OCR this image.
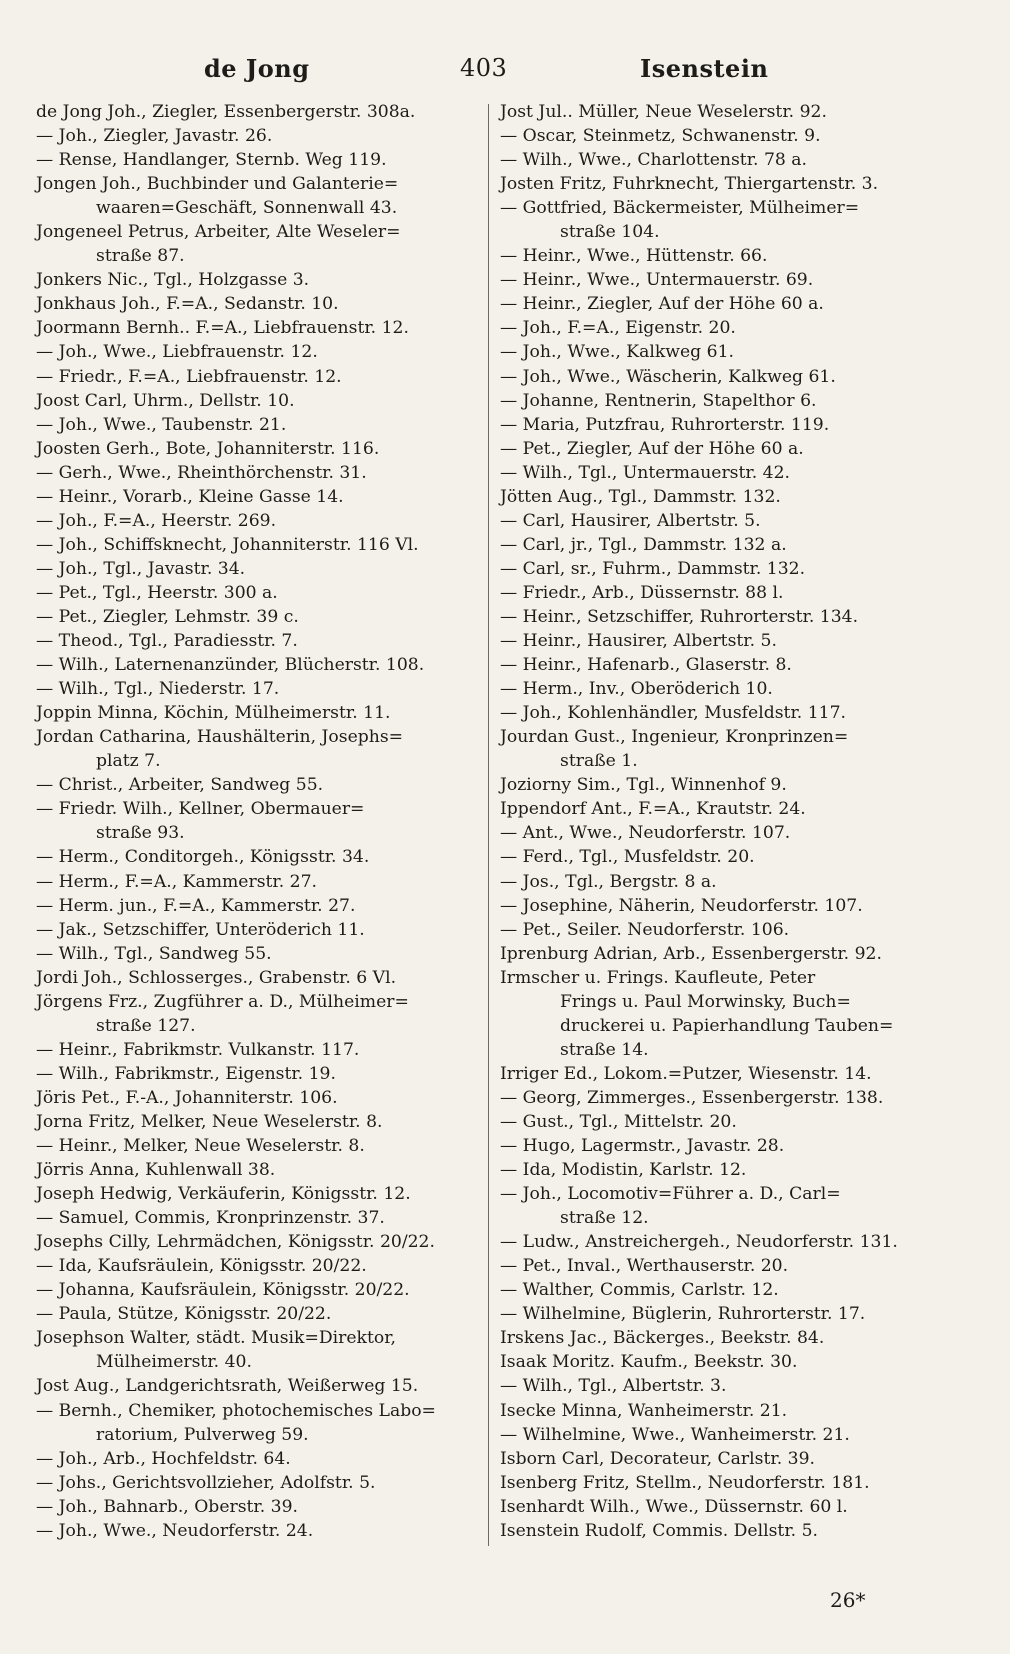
de Jong	403	Isenstein
de Jong Joh., Ziegler, Essenbergerstr. 308a.
— Joh., Ziegler, Javastr. 26.
— Rense, Handlanger, Sternb. Weg 119.
Jongen Joh., Buchbinder und Galanterie=
waaren=Geschäft, Sonnenwall 43.
Jongeneel Petrus, Arbeiter, Alte Weseler=
straße 87.
Jonkers Nic., Tgl., Holzgasse 3.
Jonkhaus Joh., F.=A., Sedanstr. 10.
Joormann Bernh.. F.=A., Liebfrauenstr. 12.
— Joh., Wwe., Liebfrauenstr. 12.
— Friedr., F.=A., Liebfrauenstr. 12.
Joost Carl, Uhrm., Dellstr. 10.
— Joh., Wwe., Taubenstr. 21.
Joosten Gerh., Bote, Johanniterstr. 116.
— Gerh., Wwe., Rheinthörchenstr. 31.
— Heinr., Vorarb., Kleine Gasse 14.
— Joh., F.=A., Heerstr. 269.
— Joh., Schiffsknecht, Johanniterstr. 116 Vl.
— Joh., Tgl., Javastr. 34.
— Pet., Tgl., Heerstr. 300 a.
— Pet., Ziegler, Lehmstr. 39 c.
— Theod., Tgl., Paradiesstr. 7.
— Wilh., Laternenanzünder, Blücherstr. 108.
— Wilh., Tgl., Niederstr. 17.
Joppin Minna, Köchin, Mülheimerstr. 11.
Jordan Catharina, Haushälterin, Josephs=
platz 7.
— Christ., Arbeiter, Sandweg 55.
— Friedr. Wilh., Kellner, Obermauer=
straße 93.
— Herm., Conditorgeh., Königsstr. 34.
— Herm., F.=A., Kammerstr. 27.
— Herm. jun., F.=A., Kammerstr. 27.
— Jak., Setzschiffer, Unteröderich 11.
— Wilh., Tgl., Sandweg 55.
Jordi Joh., Schlosserges., Grabenstr. 6 Vl.
Jörgens Frz., Zugführer a. D., Mülheimer=
straße 127.
— Heinr., Fabrikmstr. Vulkanstr. 117.
— Wilh., Fabrikmstr., Eigenstr. 19.
Jöris Pet., F.-A., Johanniterstr. 106.
Jorna Fritz, Melker, Neue Weselerstr. 8.
— Heinr., Melker, Neue Weselerstr. 8.
Jörris Anna, Kuhlenwall 38.
Joseph Hedwig, Verkäuferin, Königsstr. 12.
— Samuel, Commis, Kronprinzenstr. 37.
Josephs Cilly, Lehrmädchen, Königsstr. 20/22.
— Ida, Kaufsräulein, Königsstr. 20/22.
— Johanna, Kaufsräulein, Königsstr. 20/22.
— Paula, Stütze, Königsstr. 20/22.
Josephson Walter, städt. Musik=Direktor,
Mülheimerstr. 40.
Jost Aug., Landgerichtsrath, Weißerweg 15.
— Bernh., Chemiker, photochemisches Labo=
ratorium, Pulverweg 59.
— Joh., Arb., Hochfeldstr. 64.
— Johs., Gerichtsvollzieher, Adolfstr. 5.
— Joh., Bahnarb., Oberstr. 39.
— Joh., Wwe., Neudorferstr. 24.
Jost Jul.. Müller, Neue Weselerstr. 92.
— Oscar, Steinmetz, Schwanenstr. 9.
— Wilh., Wwe., Charlottenstr. 78 a.
Josten Fritz, Fuhrknecht, Thiergartenstr. 3.
— Gottfried, Bäckermeister, Mülheimer=
straße 104.
— Heinr., Wwe., Hüttenstr. 66.
— Heinr., Wwe., Untermauerstr. 69.
— Heinr., Ziegler, Auf der Höhe 60 a.
— Joh., F.=A., Eigenstr. 20.
— Joh., Wwe., Kalkweg 61.
— Joh., Wwe., Wäscherin, Kalkweg 61.
— Johanne, Rentnerin, Stapelthor 6.
— Maria, Putzfrau, Ruhrorterstr. 119.
— Pet., Ziegler, Auf der Höhe 60 a.
— Wilh., Tgl., Untermauerstr. 42.
Jötten Aug., Tgl., Dammstr. 132.
— Carl, Hausirer, Albertstr. 5.
— Carl, jr., Tgl., Dammstr. 132 a.
— Carl, sr., Fuhrm., Dammstr. 132.
— Friedr., Arb., Düssernstr. 88 l.
— Heinr., Setzschiffer, Ruhrorterstr. 134.
— Heinr., Hausirer, Albertstr. 5.
— Heinr., Hafenarb., Glaserstr. 8.
— Herm., Inv., Oberöderich 10.
— Joh., Kohlenhändler, Musfeldstr. 117.
Jourdan Gust., Ingenieur, Kronprinzen=
straße 1.
Joziorny Sim., Tgl., Winnenhof 9.
Ippendorf Ant., F.=A., Krautstr. 24.
— Ant., Wwe., Neudorferstr. 107.
— Ferd., Tgl., Musfeldstr. 20.
— Jos., Tgl., Bergstr. 8 a.
— Josephine, Näherin, Neudorferstr. 107.
— Pet., Seiler. Neudorferstr. 106.
Iprenburg Adrian, Arb., Essenbergerstr. 92.
Irmscher u. Frings. Kaufleute, Peter
Frings u. Paul Morwinsky, Buch=
druckerei u. Papierhandlung Tauben=
straße 14.
Irriger Ed., Lokom.=Putzer, Wiesenstr. 14.
— Georg, Zimmerges., Essenbergerstr. 138.
— Gust., Tgl., Mittelstr. 20.
— Hugo, Lagermstr., Javastr. 28.
— Ida, Modistin, Karlstr. 12.
— Joh., Locomotiv=Führer a. D., Carl=
straße 12.
— Ludw., Anstreichergeh., Neudorferstr. 131.
— Pet., Inval., Werthauserstr. 20.
— Walther, Commis, Carlstr. 12.
— Wilhelmine, Büglerin, Ruhrorterstr. 17.
Irskens Jac., Bäckerges., Beekstr. 84.
Isaak Moritz. Kaufm., Beekstr. 30.
— Wilh., Tgl., Albertstr. 3.
Isecke Minna, Wanheimerstr. 21.
— Wilhelmine, Wwe., Wanheimerstr. 21.
Isborn Carl, Decorateur, Carlstr. 39.
Isenberg Fritz, Stellm., Neudorferstr. 181.
Isenhardt Wilh., Wwe., Düssernstr. 60 l.
Isenstein Rudolf, Commis. Dellstr. 5.
26*
